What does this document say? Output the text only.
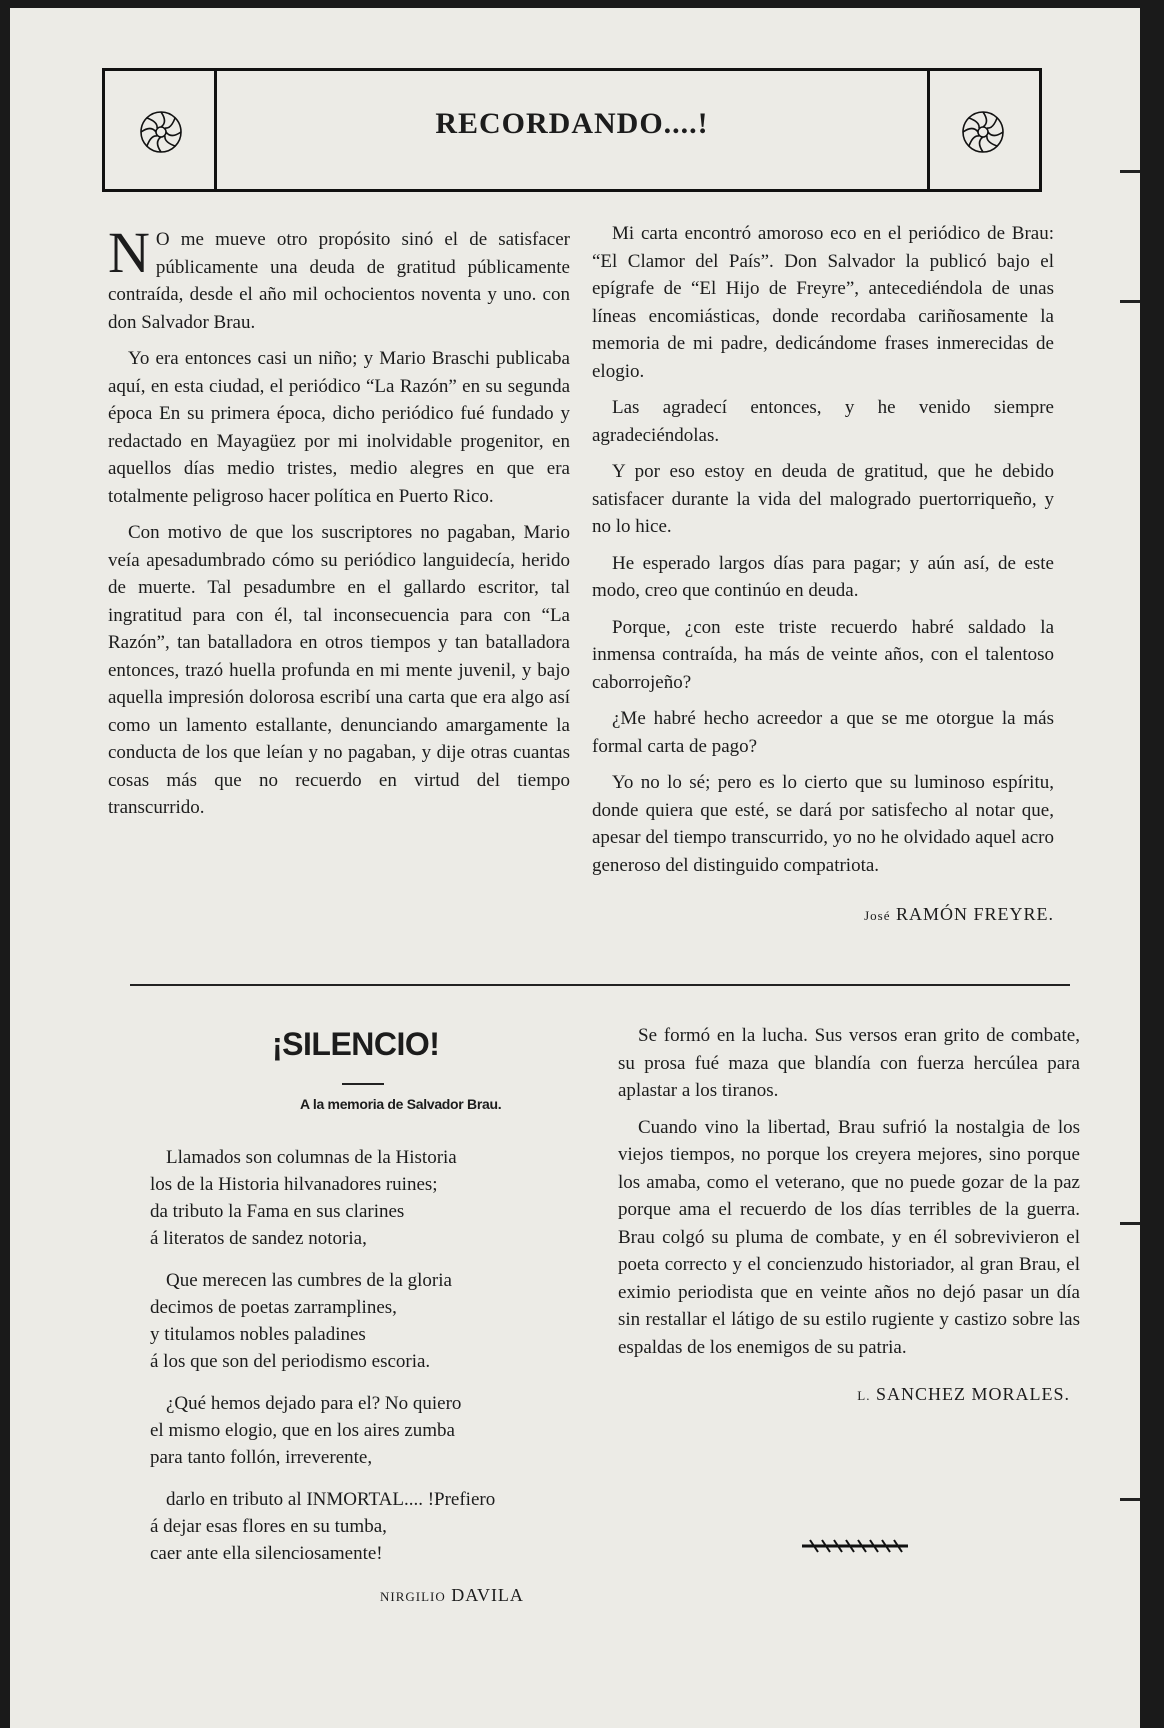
RECORDANDO....!

N O me mueve otro propósito sinó el de satisfacer públicamente una deuda de gratitud públicamente contraída, desde el año mil ochocientos noventa y uno. con don Salvador Brau.

Yo era entonces casi un niño; y Mario Braschi publicaba aquí, en esta ciudad, el periódico “La Razón” en su segunda época En su primera época, dicho periódico fué fundado y redactado en Mayagüez por mi inolvidable progenitor, en aquellos días medio tristes, medio alegres en que era totalmente peligroso hacer política en Puerto Rico.

Con motivo de que los suscriptores no pagaban, Mario veía apesadumbrado cómo su periódico languidecía, herido de muerte. Tal pesadumbre en el gallardo escritor, tal ingratitud para con él, tal inconsecuencia para con “La Razón”, tan batalladora en otros tiempos y tan batalladora entonces, trazó huella profunda en mi mente juvenil, y bajo aquella impresión dolorosa escribí una carta que era algo así como un lamento estallante, denunciando amargamente la conducta de los que leían y no pagaban, y dije otras cuantas cosas más que no recuerdo en virtud del tiempo transcurrido.

Mi carta encontró amoroso eco en el periódico de Brau: “El Clamor del País”. Don Salvador la publicó bajo el epígrafe de “El Hijo de Freyre”, antecediéndola de unas líneas encomiásticas, donde recordaba cariñosamente la memoria de mi padre, dedicándome frases inmerecidas de elogio.

Las agradecí entonces, y he venido siempre agradeciéndolas.

Y por eso estoy en deuda de gratitud, que he debido satisfacer durante la vida del malogrado puertorriqueño, y no lo hice.

He esperado largos días para pagar; y aún así, de este modo, creo que continúo en deuda.

Porque, ¿con este triste recuerdo habré saldado la inmensa contraída, ha más de veinte años, con el talentoso caborrojeño?

¿Me habré hecho acreedor a que se me otorgue la más formal carta de pago?

Yo no lo sé; pero es lo cierto que su luminoso espíritu, donde quiera que esté, se dará por satisfecho al notar que, apesar del tiempo transcurrido, yo no he olvidado aquel acro generoso del distinguido compatriota.

José RAMÓN FREYRE.
¡SILENCIO!
A la memoria de Salvador Brau.
Llamados son columnas de la Historia
los de la Historia hilvanadores ruines;
da tributo la Fama en sus clarines
á literatos de sandez notoria,
Que merecen las cumbres de la gloria
decimos de poetas zarramplines,
y titulamos nobles paladines
á los que son del periodismo escoria.
¿Qué hemos dejado para el? No quiero
el mismo elogio, que en los aires zumba
para tanto follón, irreverente,
darlo en tributo al INMORTAL.... !Prefiero
á dejar esas flores en su tumba,
caer ante ella silenciosamente!
NIRGILIO DAVILA

Se formó en la lucha. Sus versos eran grito de combate, su prosa fué maza que blandía con fuerza hercúlea para aplastar a los tiranos.

Cuando vino la libertad, Brau sufrió la nostalgia de los viejos tiempos, no porque los creyera mejores, sino porque los amaba, como el veterano, que no puede gozar de la paz porque ama el recuerdo de los días terribles de la guerra. Brau colgó su pluma de combate, y en él sobrevivieron el poeta correcto y el concienzudo historiador, al gran Brau, el eximio periodista que en veinte años no dejó pasar un día sin restallar el látigo de su estilo rugiente y castizo sobre las espaldas de los enemigos de su patria.

L. SANCHEZ MORALES.
